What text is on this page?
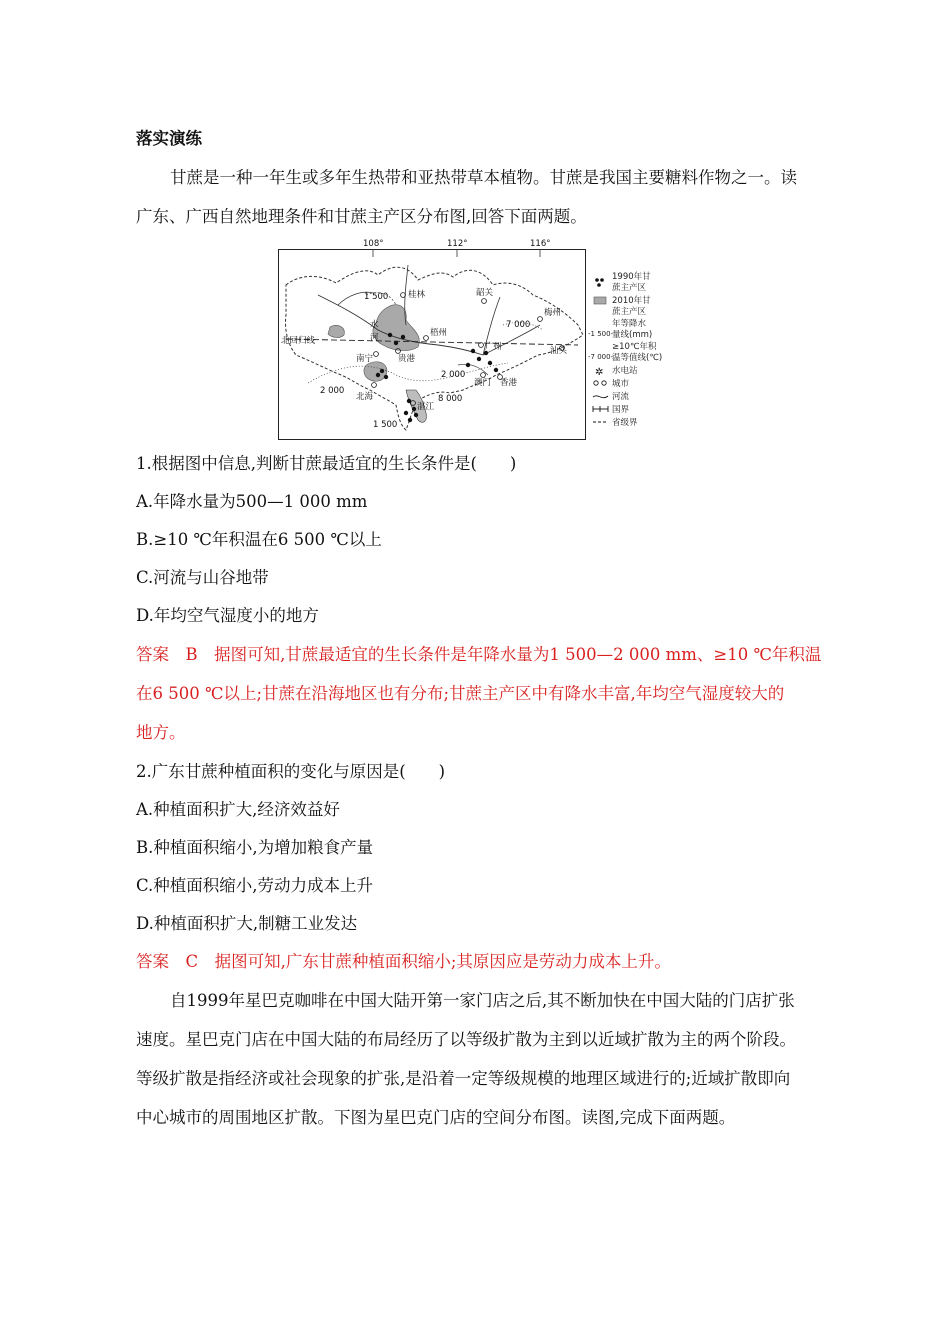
落实演练
甘蔗是一种一年生或多年生热带和亚热带草本植物。甘蔗是我国主要糖料作物之一。读
广东、广西自然地理条件和甘蔗主产区分布图,回答下面两题。
108°	112°	116°
桂林	韶关
梅州
梧州
南宁	贵港
广州	汕头
北海
湛江
澳门 香港
水
河
北回归线
1 500
7 000
2 000
2 000
8 000
1 500
1990年甘
蔗主产区
2010年甘
蔗主产区
-1 500-
年等降水
量线(mm)
-7 000-
≥10℃年积
温等值线(℃)
✲ 水电站
城市
河流
国界
省级界
1.根据图中信息,判断甘蔗最适宜的生长条件是(　　)
A.年降水量为500—1 000 mm
B.≥10 ℃年积温在6 500 ℃以上
C.河流与山谷地带
D.年均空气湿度小的地方
答案　B　据图可知,甘蔗最适宜的生长条件是年降水量为1 500—2 000 mm、≥10 ℃年积温
在6 500 ℃以上;甘蔗在沿海地区也有分布;甘蔗主产区中有降水丰富,年均空气湿度较大的
地方。
2.广东甘蔗种植面积的变化与原因是(　　)
A.种植面积扩大,经济效益好
B.种植面积缩小,为增加粮食产量
C.种植面积缩小,劳动力成本上升
D.种植面积扩大,制糖工业发达
答案　C　据图可知,广东甘蔗种植面积缩小;其原因应是劳动力成本上升。
自1999年星巴克咖啡在中国大陆开第一家门店之后,其不断加快在中国大陆的门店扩张
速度。星巴克门店在中国大陆的布局经历了以等级扩散为主到以近域扩散为主的两个阶段。
等级扩散是指经济或社会现象的扩张,是沿着一定等级规模的地理区域进行的;近域扩散即向
中心城市的周围地区扩散。下图为星巴克门店的空间分布图。读图,完成下面两题。
